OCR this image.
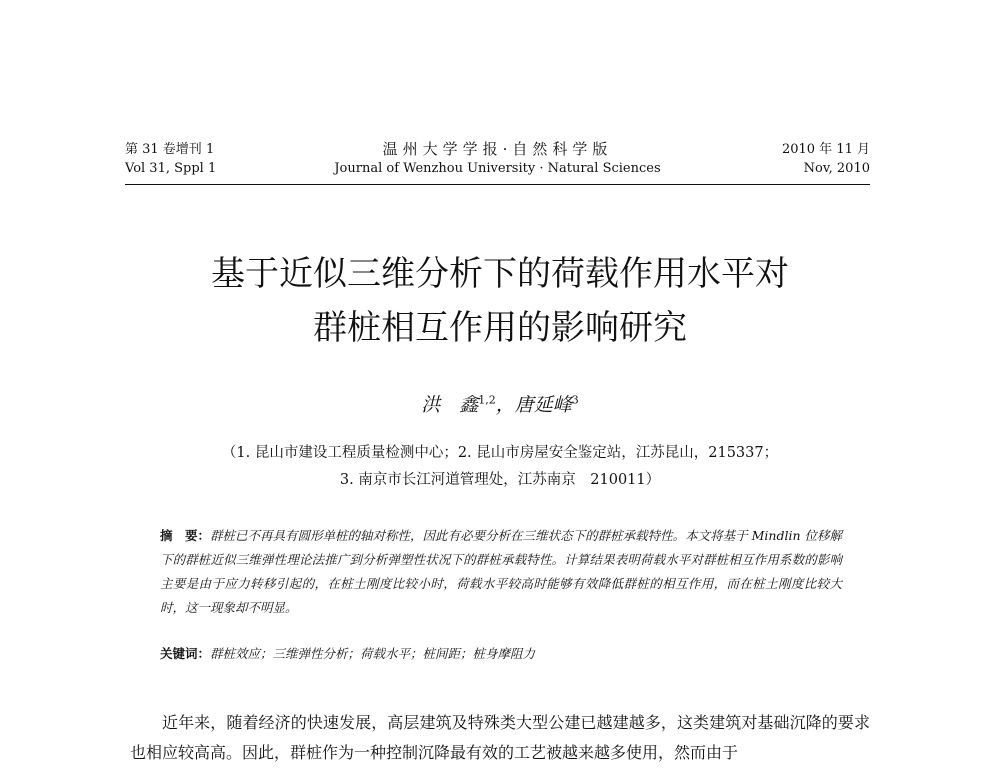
第 31 卷增刊 1
Vol 31, Sppl 1
温州大学学报·自然科学版
Journal of Wenzhou University · Natural Sciences
2010 年 11 月
Nov, 2010
基于近似三维分析下的荷载作用水平对
群桩相互作用的影响研究
洪　鑫$^{1,2}$，唐延峰$^3$
（1. 昆山市建设工程质量检测中心；2. 昆山市房屋安全鉴定站，江苏昆山，215337；
3. 南京市长江河道管理处，江苏南京　210011）
摘　要：群桩已不再具有圆形单桩的轴对称性，因此有必要分析在三维状态下的群桩承载特性。本文将基于 Mindlin 位移解下的群桩近似三维弹性理论法推广到分析弹塑性状况下的群桩承载特性。计算结果表明荷载水平对群桩相互作用系数的影响主要是由于应力转移引起的，在桩土刚度比较小时，荷载水平较高时能够有效降低群桩的相互作用，而在桩土刚度比较大时，这一现象却不明显。
关键词：群桩效应；三维弹性分析；荷载水平；桩间距；桩身摩阻力
近年来，随着经济的快速发展，高层建筑及特殊类大型公建已越建越多，这类建筑对基础沉降的要求也相应较高高。因此，群桩作为一种控制沉降最有效的工艺被越来越多使用，然而由于
